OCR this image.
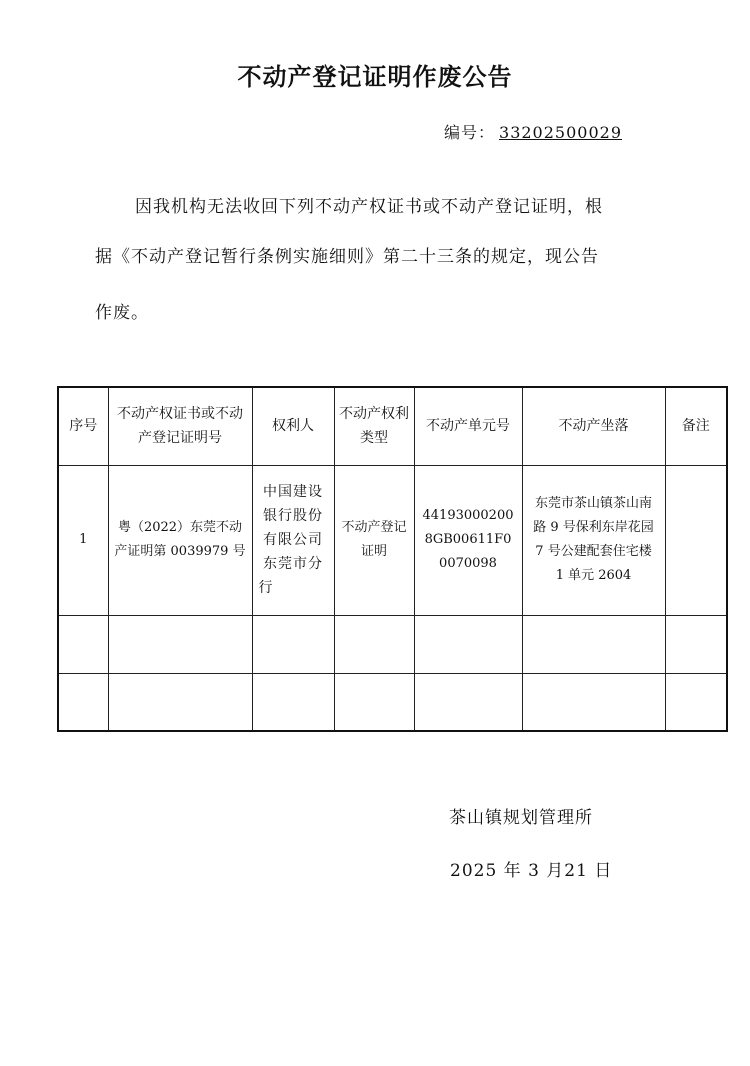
不动产登记证明作废公告
编号： 33202500029
因我机构无法收回下列不动产权证书或不动产登记证明，根
据《不动产登记暂行条例实施细则》第二十三条的规定，现公告
作废。
序号	不动产权证书或不动产登记证明号	权利人	不动产权利类型	不动产单元号	不动产坐落	备注
1	粤（2022）东莞不动产证明第 0039979 号	中国建设银行股份有限公司东莞市分行	不动产登记证明	441930002008GB00611F00070098	东莞市茶山镇茶山南路 9 号保利东岸花园 7 号公建配套住宅楼 1 单元 2604	

茶山镇规划管理所
2025 年 3 月21 日
